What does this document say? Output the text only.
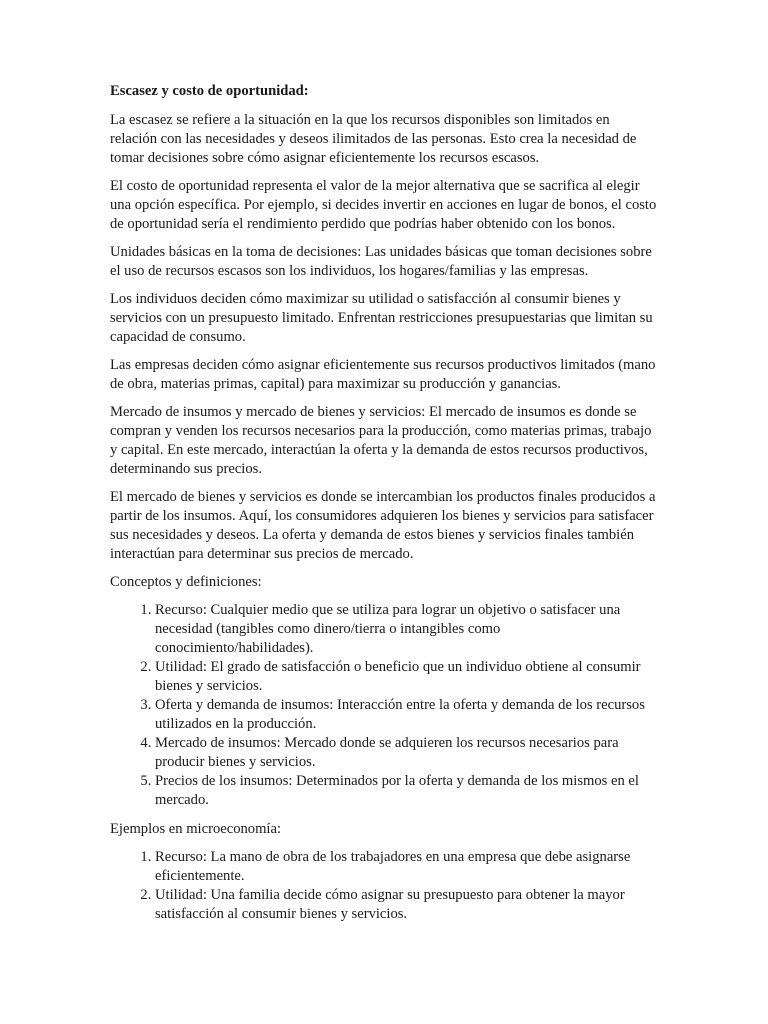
Escasez y costo de oportunidad:

La escasez se refiere a la situación en la que los recursos disponibles son limitados en relación con las necesidades y deseos ilimitados de las personas. Esto crea la necesidad de tomar decisiones sobre cómo asignar eficientemente los recursos escasos.

El costo de oportunidad representa el valor de la mejor alternativa que se sacrifica al elegir una opción específica. Por ejemplo, si decides invertir en acciones en lugar de bonos, el costo de oportunidad sería el rendimiento perdido que podrías haber obtenido con los bonos.

Unidades básicas en la toma de decisiones: Las unidades básicas que toman decisiones sobre el uso de recursos escasos son los individuos, los hogares/familias y las empresas.

Los individuos deciden cómo maximizar su utilidad o satisfacción al consumir bienes y servicios con un presupuesto limitado. Enfrentan restricciones presupuestarias que limitan su capacidad de consumo.

Las empresas deciden cómo asignar eficientemente sus recursos productivos limitados (mano de obra, materias primas, capital) para maximizar su producción y ganancias.

Mercado de insumos y mercado de bienes y servicios: El mercado de insumos es donde se compran y venden los recursos necesarios para la producción, como materias primas, trabajo y capital. En este mercado, interactúan la oferta y la demanda de estos recursos productivos, determinando sus precios.

El mercado de bienes y servicios es donde se intercambian los productos finales producidos a partir de los insumos. Aquí, los consumidores adquieren los bienes y servicios para satisfacer sus necesidades y deseos. La oferta y demanda de estos bienes y servicios finales también interactúan para determinar sus precios de mercado.

Conceptos y definiciones:

1. Recurso: Cualquier medio que se utiliza para lograr un objetivo o satisfacer una necesidad (tangibles como dinero/tierra o intangibles como conocimiento/habilidades).
2. Utilidad: El grado de satisfacción o beneficio que un individuo obtiene al consumir bienes y servicios.
3. Oferta y demanda de insumos: Interacción entre la oferta y demanda de los recursos utilizados en la producción.
4. Mercado de insumos: Mercado donde se adquieren los recursos necesarios para producir bienes y servicios.
5. Precios de los insumos: Determinados por la oferta y demanda de los mismos en el mercado.

Ejemplos en microeconomía:

1. Recurso: La mano de obra de los trabajadores en una empresa que debe asignarse eficientemente.
2. Utilidad: Una familia decide cómo asignar su presupuesto para obtener la mayor satisfacción al consumir bienes y servicios.
